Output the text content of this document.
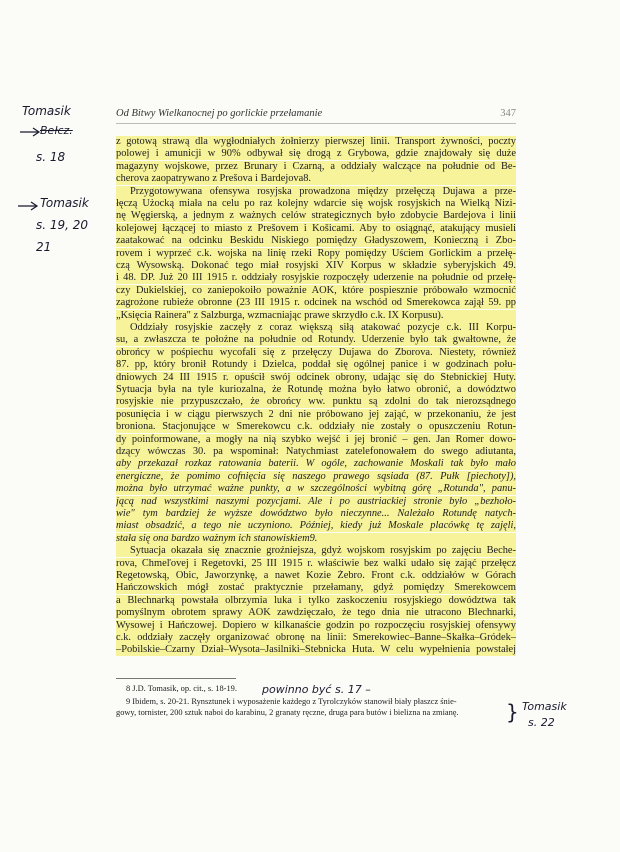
Od Bitwy Wielkanocnej po gorlickie przełamanie	347
z gotową strawą dla wygłodniałych żołnierzy pierwszej linii. Transport żywności, poczty
polowej i amunicji w 90% odbywał się drogą z Grybowa, gdzie znajdowały się duże
magazyny wojskowe, przez Brunary i Czarną, a oddziały walczące na południe od Be-
cherova zaopatrywano z Prešova i Bardejova8.
Przygotowywana ofensywa rosyjska prowadzona między przełęczą Dujawa a prze-
łęczą Użocką miała na celu po raz kolejny wdarcie się wojsk rosyjskich na Wielką Nizi-
nę Węgierską, a jednym z ważnych celów strategicznych było zdobycie Bardejova i linii
kolejowej łączącej to miasto z Prešovem i Košicami. Aby to osiągnąć, atakujący musieli
zaatakować na odcinku Beskidu Niskiego pomiędzy Gładyszowem, Konieczną i Zbo-
rovem i wyprzeć c.k. wojska na linię rzeki Ropy pomiędzy Uściem Gorlickim a przełę-
czą Wysowską. Dokonać tego miał rosyjski XIV Korpus w składzie syberyjskich 49.
i 48. DP. Już 20 III 1915 r. oddziały rosyjskie rozpoczęły uderzenie na południe od przełę-
czy Dukielskiej, co zaniepokoiło poważnie AOK, które pospiesznie próbowało wzmocnić
zagrożone rubieże obronne (23 III 1915 r. odcinek na wschód od Smerekowca zajął 59. pp
„Księcia Rainera" z Salzburga, wzmacniając prawe skrzydło c.k. IX Korpusu).
Oddziały rosyjskie zaczęły z coraz większą siłą atakować pozycje c.k. III Korpu-
su, a zwłaszcza te położne na południe od Rotundy. Uderzenie było tak gwałtowne, że
obrońcy w pośpiechu wycofali się z przełęczy Dujawa do Zborova. Niestety, również
87. pp, który bronił Rotundy i Dzielca, poddał się ogólnej panice i w godzinach połu-
dniowych 24 III 1915 r. opuścił swój odcinek obrony, udając się do Stebnickiej Huty.
Sytuacja była na tyle kuriozalna, że Rotundę można było łatwo obronić, a dowództwo
rosyjskie nie przypuszczało, że obrońcy ww. punktu są zdolni do tak nierozsądnego
posunięcia i w ciągu pierwszych 2 dni nie próbowano jej zająć, w przekonaniu, że jest
broniona. Stacjonujące w Smerekowcu c.k. oddziały nie zostały o opuszczeniu Rotun-
dy poinformowane, a mogły na nią szybko wejść i jej bronić – gen. Jan Romer dowo-
dzący wówczas 30. pa wspominał: Natychmiast zatelefonowałem do swego adiutanta,
aby przekazał rozkaz ratowania baterii. W ogóle, zachowanie Moskali tak było mało
energiczne, że pomimo cofnięcia się naszego prawego sąsiada (87. Pułk [piechoty]),
można było utrzymać ważne punkty, a w szczególności wybitną górę „Rotunda", panu-
jącą nad wszystkimi naszymi pozycjami. Ale i po austriackiej stronie było „bezhoło-
wie" tym bardziej że wyższe dowództwo było nieczynne... Należało Rotundę natych-
miast obsadzić, a tego nie uczyniono. Później, kiedy już Moskale placówkę tę zajęli,
stała się ona bardzo ważnym ich stanowiskiem9.
Sytuacja okazała się znacznie groźniejsza, gdyż wojskom rosyjskim po zajęciu Beche-
rova, Chmeľovej i Regetovki, 25 III 1915 r. właściwie bez walki udało się zająć przełęcz
Regetowską, Obic, Jaworzynkę, a nawet Kozie Żebro. Front c.k. oddziałów w Górach
Hańczowskich mógł zostać praktycznie przełamany, gdyż pomiędzy Smerekowcem
a Blechnarką powstała olbrzymia luka i tylko zaskoczeniu rosyjskiego dowództwa tak
pomyślnym obrotem sprawy AOK zawdzięczało, że tego dnia nie utracono Blechnarki,
Wysowej i Hańczowej. Dopiero w kilkanaście godzin po rozpoczęciu rosyjskiej ofensywy
c.k. oddziały zaczęły organizować obronę na linii: Smerekowiec–Banne–Skałka–Gródek–
–Pobilskie–Czarny Dział–Wysota–Jasilniki–Stebnicka Huta. W celu wypełnienia powstałej
8 J.D. Tomasik, op. cit., s. 18-19.
9 Ibidem, s. 20-21. Rynsztunek i wyposażenie każdego z Tyrolczyków stanowił biały płaszcz śnie-
gowy, tornister, 200 sztuk naboi do karabinu, 2 granaty ręczne, druga para butów i bielizna na zmianę.
Tomasik
Bełcz.
s. 18
Tomasik
s. 19, 20
21
powinno być s. 17 –
} Tomasik
s. 22
